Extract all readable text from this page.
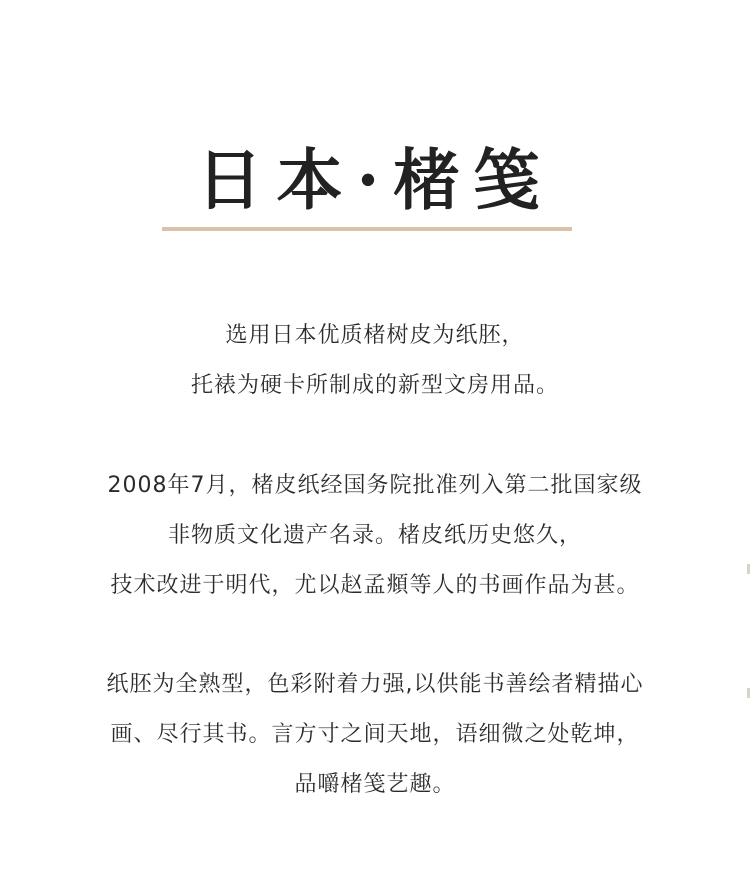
日本·楮笺
选用日本优质楮树皮为纸胚，
托裱为硬卡所制成的新型文房用品。
2008年7月，楮皮纸经国务院批准列入第二批国家级
非物质文化遗产名录。楮皮纸历史悠久，
技术改进于明代，尤以赵孟頫等人的书画作品为甚。
纸胚为全熟型，色彩附着力强,以供能书善绘者精描心
画、尽行其书。言方寸之间天地，语细微之处乾坤，
品嚼楮笺艺趣。
